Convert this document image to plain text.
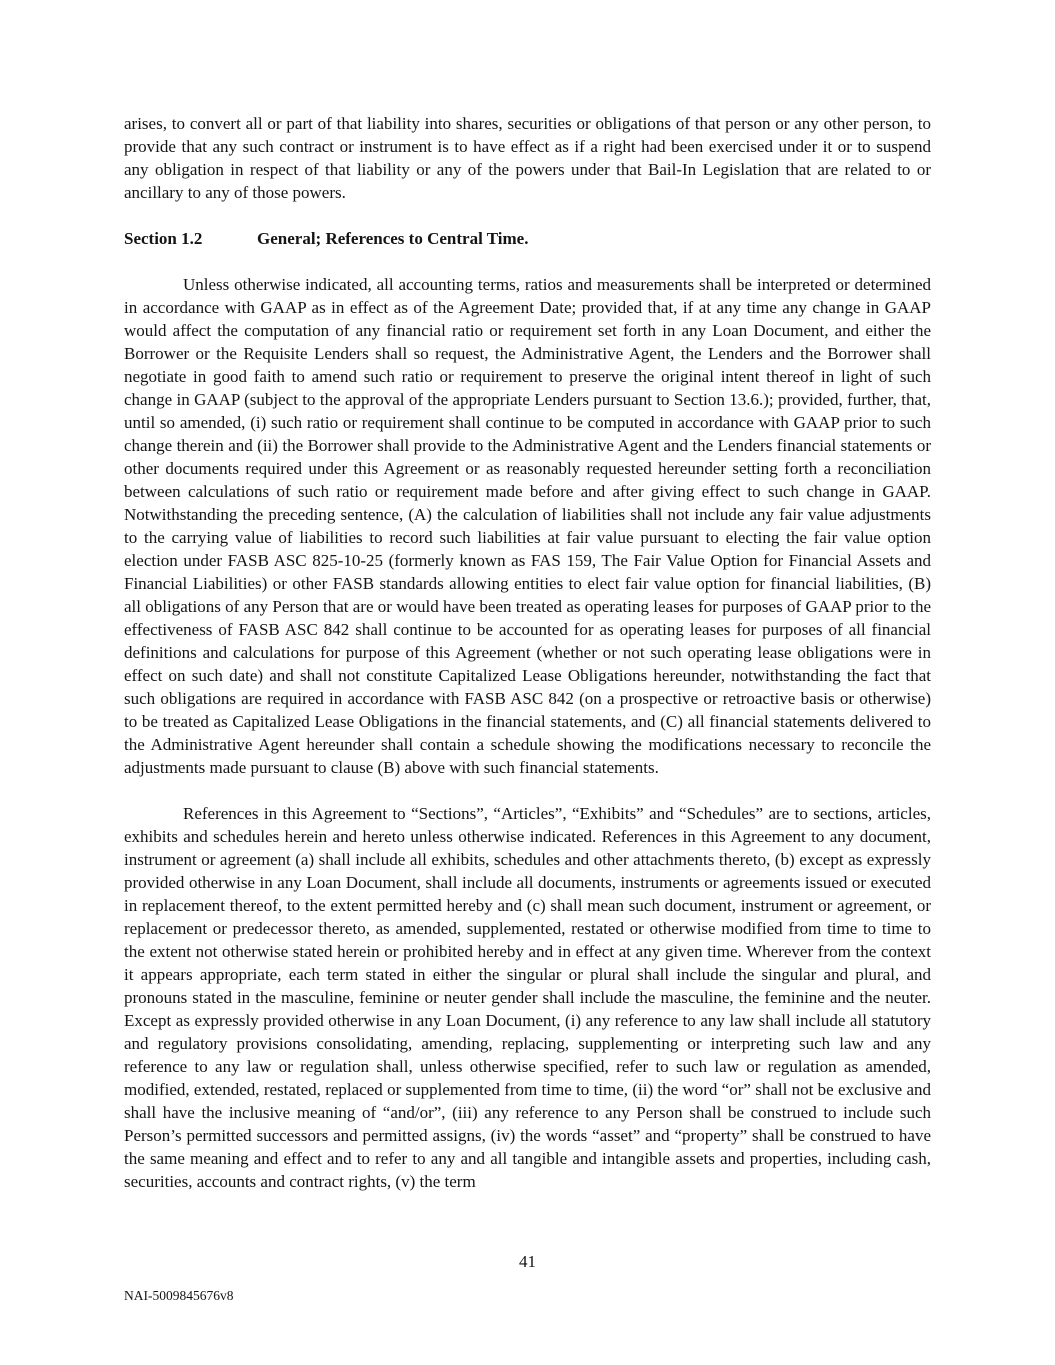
arises, to convert all or part of that liability into shares, securities or obligations of that person or any other person, to provide that any such contract or instrument is to have effect as if a right had been exercised under it or to suspend any obligation in respect of that liability or any of the powers under that Bail-In Legislation that are related to or ancillary to any of those powers.

Section 1.2	General; References to Central Time.

Unless otherwise indicated, all accounting terms, ratios and measurements shall be interpreted or determined in accordance with GAAP as in effect as of the Agreement Date; provided that, if at any time any change in GAAP would affect the computation of any financial ratio or requirement set forth in any Loan Document, and either the Borrower or the Requisite Lenders shall so request, the Administrative Agent, the Lenders and the Borrower shall negotiate in good faith to amend such ratio or requirement to preserve the original intent thereof in light of such change in GAAP (subject to the approval of the appropriate Lenders pursuant to Section 13.6.); provided, further, that, until so amended, (i) such ratio or requirement shall continue to be computed in accordance with GAAP prior to such change therein and (ii) the Borrower shall provide to the Administrative Agent and the Lenders financial statements or other documents required under this Agreement or as reasonably requested hereunder setting forth a reconciliation between calculations of such ratio or requirement made before and after giving effect to such change in GAAP. Notwithstanding the preceding sentence, (A) the calculation of liabilities shall not include any fair value adjustments to the carrying value of liabilities to record such liabilities at fair value pursuant to electing the fair value option election under FASB ASC 825-10-25 (formerly known as FAS 159, The Fair Value Option for Financial Assets and Financial Liabilities) or other FASB standards allowing entities to elect fair value option for financial liabilities, (B) all obligations of any Person that are or would have been treated as operating leases for purposes of GAAP prior to the effectiveness of FASB ASC 842 shall continue to be accounted for as operating leases for purposes of all financial definitions and calculations for purpose of this Agreement (whether or not such operating lease obligations were in effect on such date) and shall not constitute Capitalized Lease Obligations hereunder, notwithstanding the fact that such obligations are required in accordance with FASB ASC 842 (on a prospective or retroactive basis or otherwise) to be treated as Capitalized Lease Obligations in the financial statements, and (C) all financial statements delivered to the Administrative Agent hereunder shall contain a schedule showing the modifications necessary to reconcile the adjustments made pursuant to clause (B) above with such financial statements.

References in this Agreement to “Sections”, “Articles”, “Exhibits” and “Schedules” are to sections, articles, exhibits and schedules herein and hereto unless otherwise indicated. References in this Agreement to any document, instrument or agreement (a) shall include all exhibits, schedules and other attachments thereto, (b) except as expressly provided otherwise in any Loan Document, shall include all documents, instruments or agreements issued or executed in replacement thereof, to the extent permitted hereby and (c) shall mean such document, instrument or agreement, or replacement or predecessor thereto, as amended, supplemented, restated or otherwise modified from time to time to the extent not otherwise stated herein or prohibited hereby and in effect at any given time. Wherever from the context it appears appropriate, each term stated in either the singular or plural shall include the singular and plural, and pronouns stated in the masculine, feminine or neuter gender shall include the masculine, the feminine and the neuter. Except as expressly provided otherwise in any Loan Document, (i) any reference to any law shall include all statutory and regulatory provisions consolidating, amending, replacing, supplementing or interpreting such law and any reference to any law or regulation shall, unless otherwise specified, refer to such law or regulation as amended, modified, extended, restated, replaced or supplemented from time to time, (ii) the word “or” shall not be exclusive and shall have the inclusive meaning of “and/or”, (iii) any reference to any Person shall be construed to include such Person’s permitted successors and permitted assigns, (iv) the words “asset” and “property” shall be construed to have the same meaning and effect and to refer to any and all tangible and intangible assets and properties, including cash, securities, accounts and contract rights, (v) the term

41
NAI-5009845676v8
